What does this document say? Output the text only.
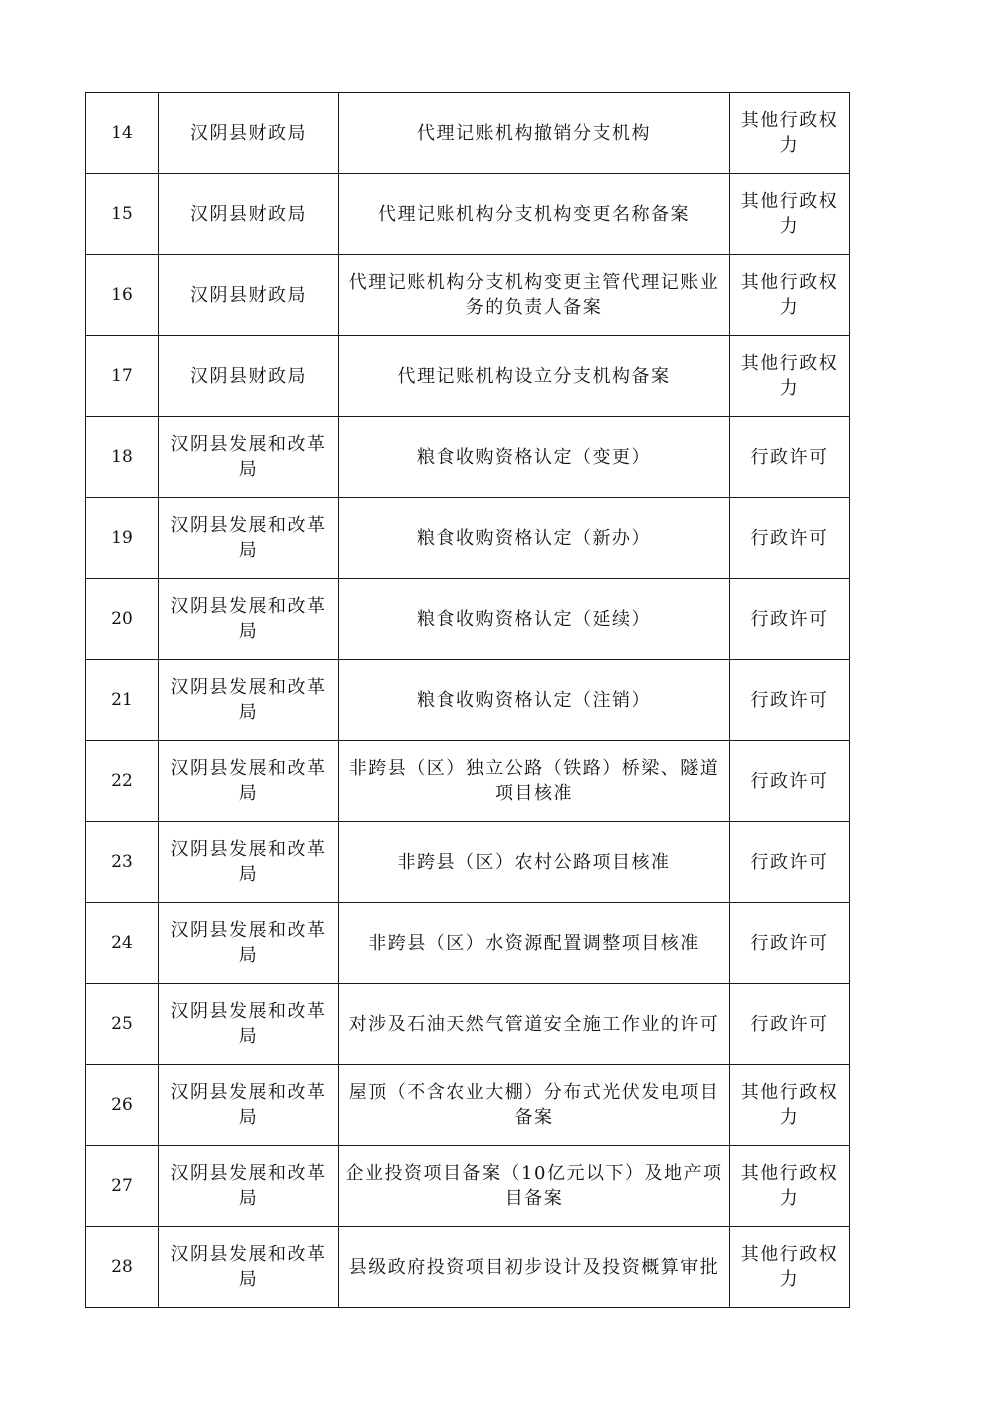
14	汉阴县财政局	代理记账机构撤销分支机构	其他行政权力
15	汉阴县财政局	代理记账机构分支机构变更名称备案	其他行政权力
16	汉阴县财政局	代理记账机构分支机构变更主管代理记账业务的负责人备案	其他行政权力
17	汉阴县财政局	代理记账机构设立分支机构备案	其他行政权力
18	汉阴县发展和改革局	粮食收购资格认定（变更）	行政许可
19	汉阴县发展和改革局	粮食收购资格认定（新办）	行政许可
20	汉阴县发展和改革局	粮食收购资格认定（延续）	行政许可
21	汉阴县发展和改革局	粮食收购资格认定（注销）	行政许可
22	汉阴县发展和改革局	非跨县（区）独立公路（铁路）桥梁、隧道项目核准	行政许可
23	汉阴县发展和改革局	非跨县（区）农村公路项目核准	行政许可
24	汉阴县发展和改革局	非跨县（区）水资源配置调整项目核准	行政许可
25	汉阴县发展和改革局	对涉及石油天然气管道安全施工作业的许可	行政许可
26	汉阴县发展和改革局	屋顶（不含农业大棚）分布式光伏发电项目备案	其他行政权力
27	汉阴县发展和改革局	企业投资项目备案（10亿元以下）及地产项目备案	其他行政权力
28	汉阴县发展和改革局	县级政府投资项目初步设计及投资概算审批	其他行政权力
